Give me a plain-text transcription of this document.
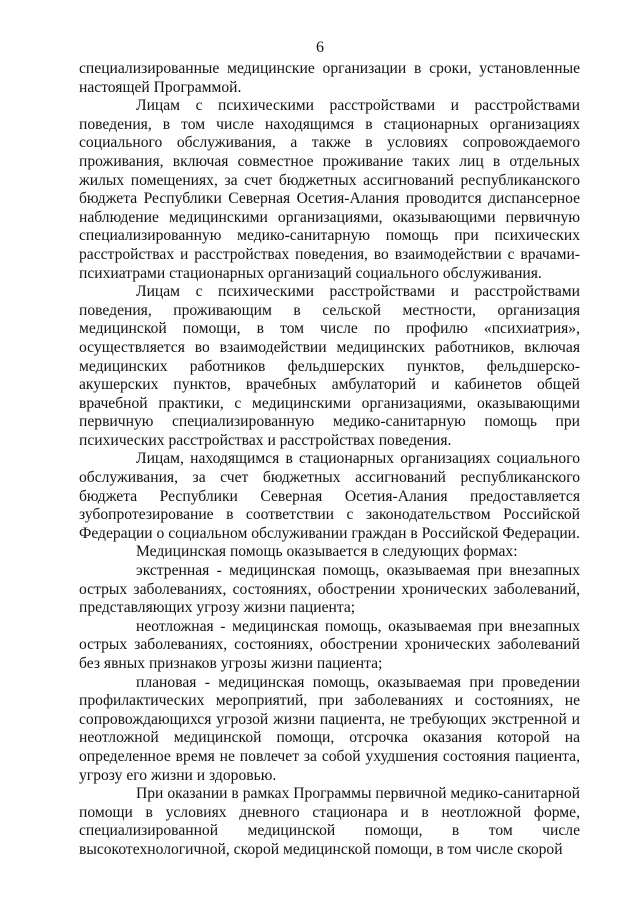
6

специализированные медицинские организации в сроки, установленные настоящей Программой.

Лицам с психическими расстройствами и расстройствами поведения, в том числе находящимся в стационарных организациях социального обслуживания, а также в условиях сопровождаемого проживания, включая совместное проживание таких лиц в отдельных жилых помещениях, за счет бюджетных ассигнований республиканского бюджета Республики Северная Осетия-Алания проводится диспансерное наблюдение медицинскими организациями, оказывающими первичную специализированную медико-санитарную помощь при психических расстройствах и расстройствах поведения, во взаимодействии с врачами-психиатрами стационарных организаций социального обслуживания.

Лицам с психическими расстройствами и расстройствами поведения, проживающим в сельской местности, организация медицинской помощи, в том числе по профилю «психиатрия», осуществляется во взаимодействии медицинских работников, включая медицинских работников фельдшерских пунктов, фельдшерско-акушерских пунктов, врачебных амбулаторий и кабинетов общей врачебной практики, с медицинскими организациями, оказывающими первичную специализированную медико-санитарную помощь при психических расстройствах и расстройствах поведения.

Лицам, находящимся в стационарных организациях социального обслуживания, за счет бюджетных ассигнований республиканского бюджета Республики Северная Осетия-Алания предоставляется зубопротезирование в соответствии с законодательством Российской Федерации о социальном обслуживании граждан в Российской Федерации.

Медицинская помощь оказывается в следующих формах:

экстренная - медицинская помощь, оказываемая при внезапных острых заболеваниях, состояниях, обострении хронических заболеваний, представляющих угрозу жизни пациента;

неотложная - медицинская помощь, оказываемая при внезапных острых заболеваниях, состояниях, обострении хронических заболеваний без явных признаков угрозы жизни пациента;

плановая - медицинская помощь, оказываемая при проведении профилактических мероприятий, при заболеваниях и состояниях, не сопровождающихся угрозой жизни пациента, не требующих экстренной и неотложной медицинской помощи, отсрочка оказания которой на определенное время не повлечет за собой ухудшения состояния пациента, угрозу его жизни и здоровью.

При оказании в рамках Программы первичной медико-санитарной помощи в условиях дневного стационара и в неотложной форме, специализированной медицинской помощи, в том числе высокотехнологичной, скорой медицинской помощи, в том числе скорой
